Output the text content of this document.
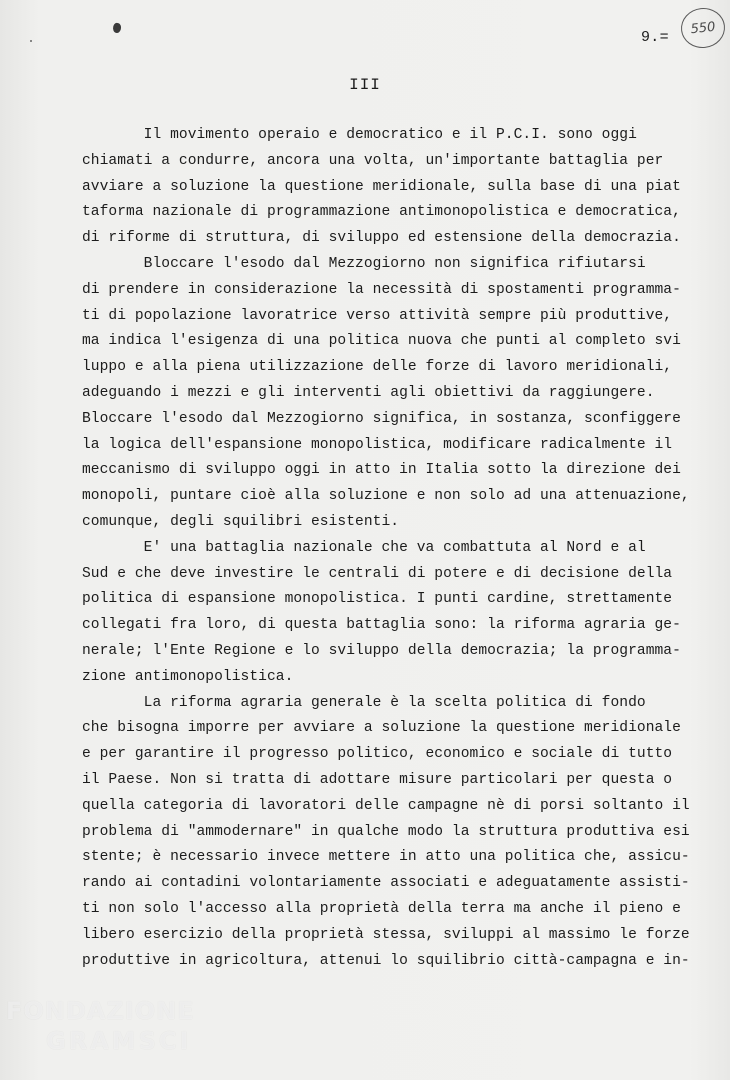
9.=
550
III
Il movimento operaio e democratico e il P.C.I. sono oggi
chiamati a condurre, ancora una volta, un'importante battaglia per
avviare a soluzione la questione meridionale, sulla base di una piat
taforma nazionale di programmazione antimonopolistica e democratica,
di riforme di struttura, di sviluppo ed estensione della democrazia.
Bloccare l'esodo dal Mezzogiorno non significa rifiutarsi
di prendere in considerazione la necessità di spostamenti programma-
ti di popolazione lavoratrice verso attività sempre più produttive,
ma indica l'esigenza di una politica nuova che punti al completo svi
luppo e alla piena utilizzazione delle forze di lavoro meridionali,
adeguando i mezzi e gli interventi agli obiettivi da raggiungere.
Bloccare l'esodo dal Mezzogiorno significa, in sostanza, sconfiggere
la logica dell'espansione monopolistica, modificare radicalmente il
meccanismo di sviluppo oggi in atto in Italia sotto la direzione dei
monopoli, puntare cioè alla soluzione e non solo ad una attenuazione,
comunque, degli squilibri esistenti.
E' una battaglia nazionale che va combattuta al Nord e al
Sud e che deve investire le centrali di potere e di decisione della
politica di espansione monopolistica. I punti cardine, strettamente
collegati fra loro, di questa battaglia sono: la riforma agraria ge-
nerale; l'Ente Regione e lo sviluppo della democrazia; la programma-
zione antimonopolistica.
La riforma agraria generale è la scelta politica di fondo
che bisogna imporre per avviare a soluzione la questione meridionale
e per garantire il progresso politico, economico e sociale di tutto
il Paese. Non si tratta di adottare misure particolari per questa o
quella categoria di lavoratori delle campagne nè di porsi soltanto il
problema di "ammodernare" in qualche modo la struttura produttiva esi
stente; è necessario invece mettere in atto una politica che, assicu-
rando ai contadini volontariamente associati e adeguatamente assisti-
ti non solo l'accesso alla proprietà della terra ma anche il pieno e
libero esercizio della proprietà stessa, sviluppi al massimo le forze
produttive in agricoltura, attenui lo squilibrio città-campagna e in-
FONDAZIONE
GRAMSCI
